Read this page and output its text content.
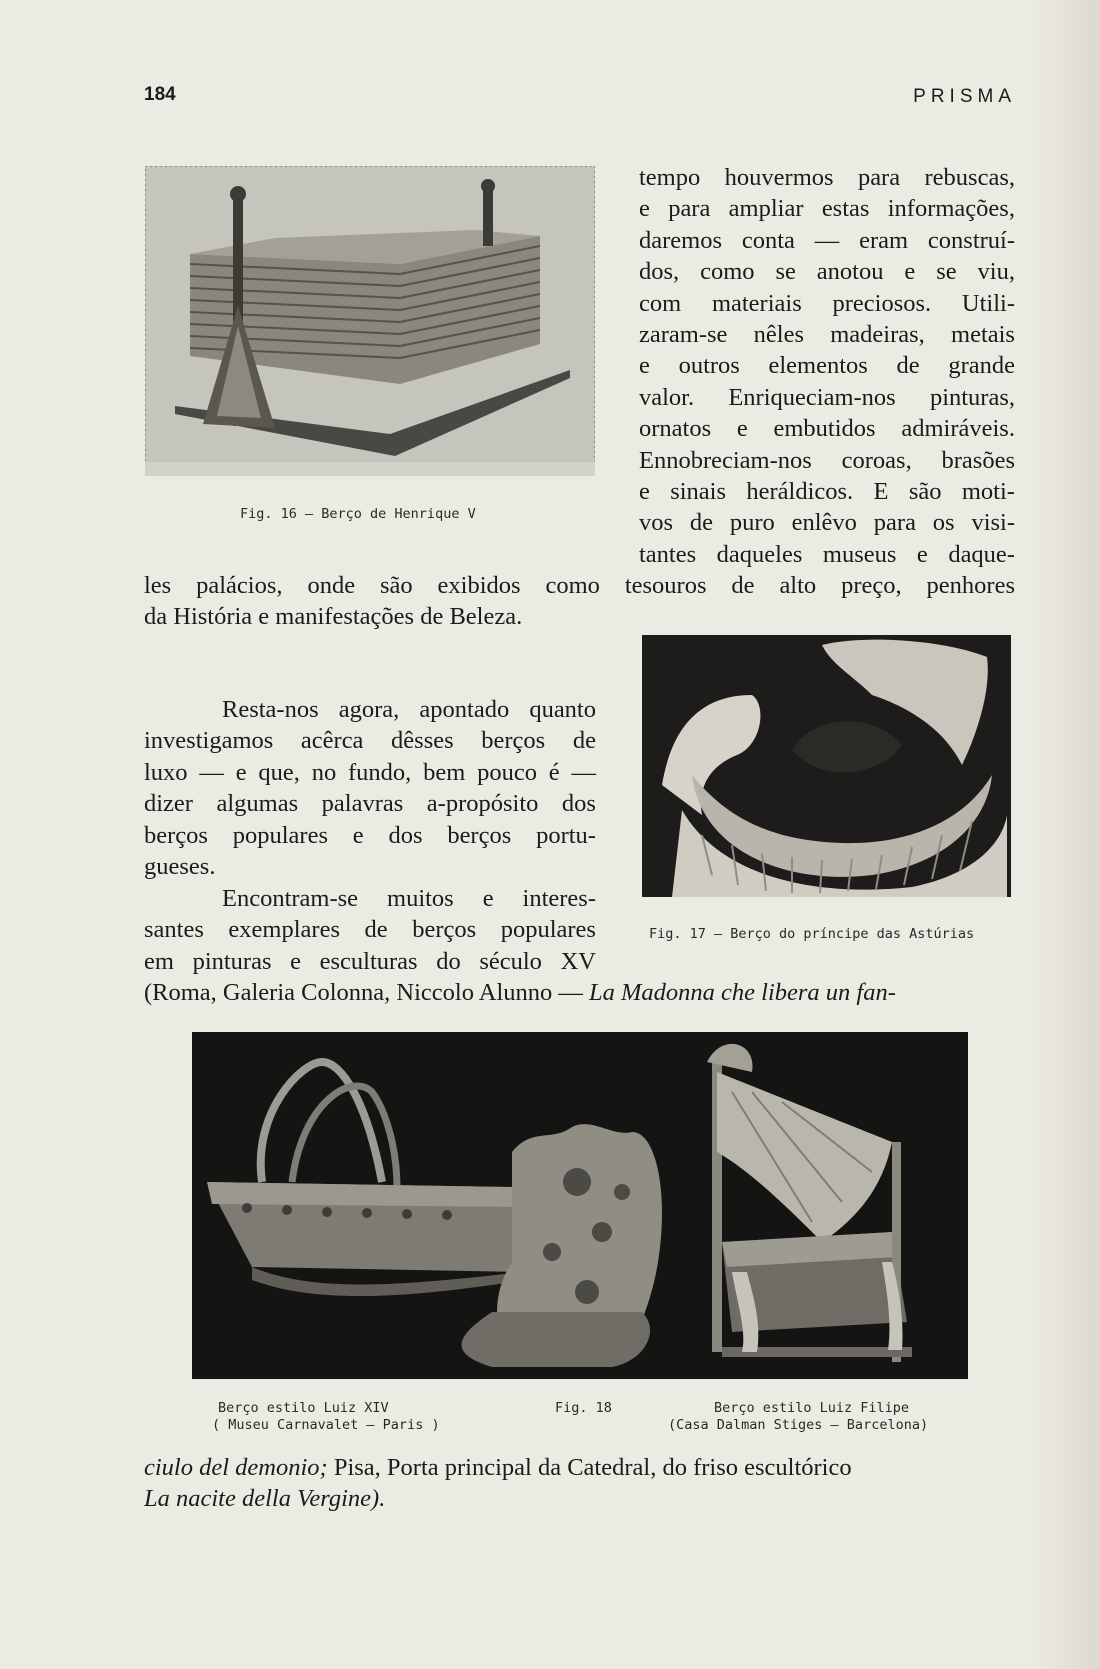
184	PRISMA
Fig. 16 — Berço de Henrique V
tempo houvermos para rebuscas,
e para ampliar estas informações,
daremos conta — eram construí-
dos, como se anotou e se viu,
com materiais preciosos. Utili-
zaram-se nêles madeiras, metais
e outros elementos de grande
valor. Enriqueciam-nos pinturas,
ornatos e embutidos admiráveis.
Ennobreciam-nos coroas, brasões
e sinais heráldicos. E são moti-
vos de puro enlêvo para os visi-
tantes daqueles museus e daque-
les palácios, onde são exibidos como tesouros de alto preço, penhores
da História e manifestações de Beleza.
Fig. 17 — Berço do príncipe das Astúrias
Resta-nos agora, apontado quanto
investigamos acêrca dêsses berços de
luxo — e que, no fundo, bem pouco é —
dizer algumas palavras a-propósito dos
berços populares e dos berços portu-
gueses.
Encontram-se muitos e interes-
santes exemplares de berços populares
em pinturas e esculturas do século XV
(Roma, Galeria Colonna, Niccolo Alunno — La Madonna che libera un fan-
Berço estilo Luiz XIV
( Museu Carnavalet — Paris )
Fig. 18	Berço estilo Luiz Filipe
(Casa Dalman Stiges — Barcelona)
ciulo del demonio; Pisa, Porta principal da Catedral, do friso escultórico
La nacite della Vergine).
